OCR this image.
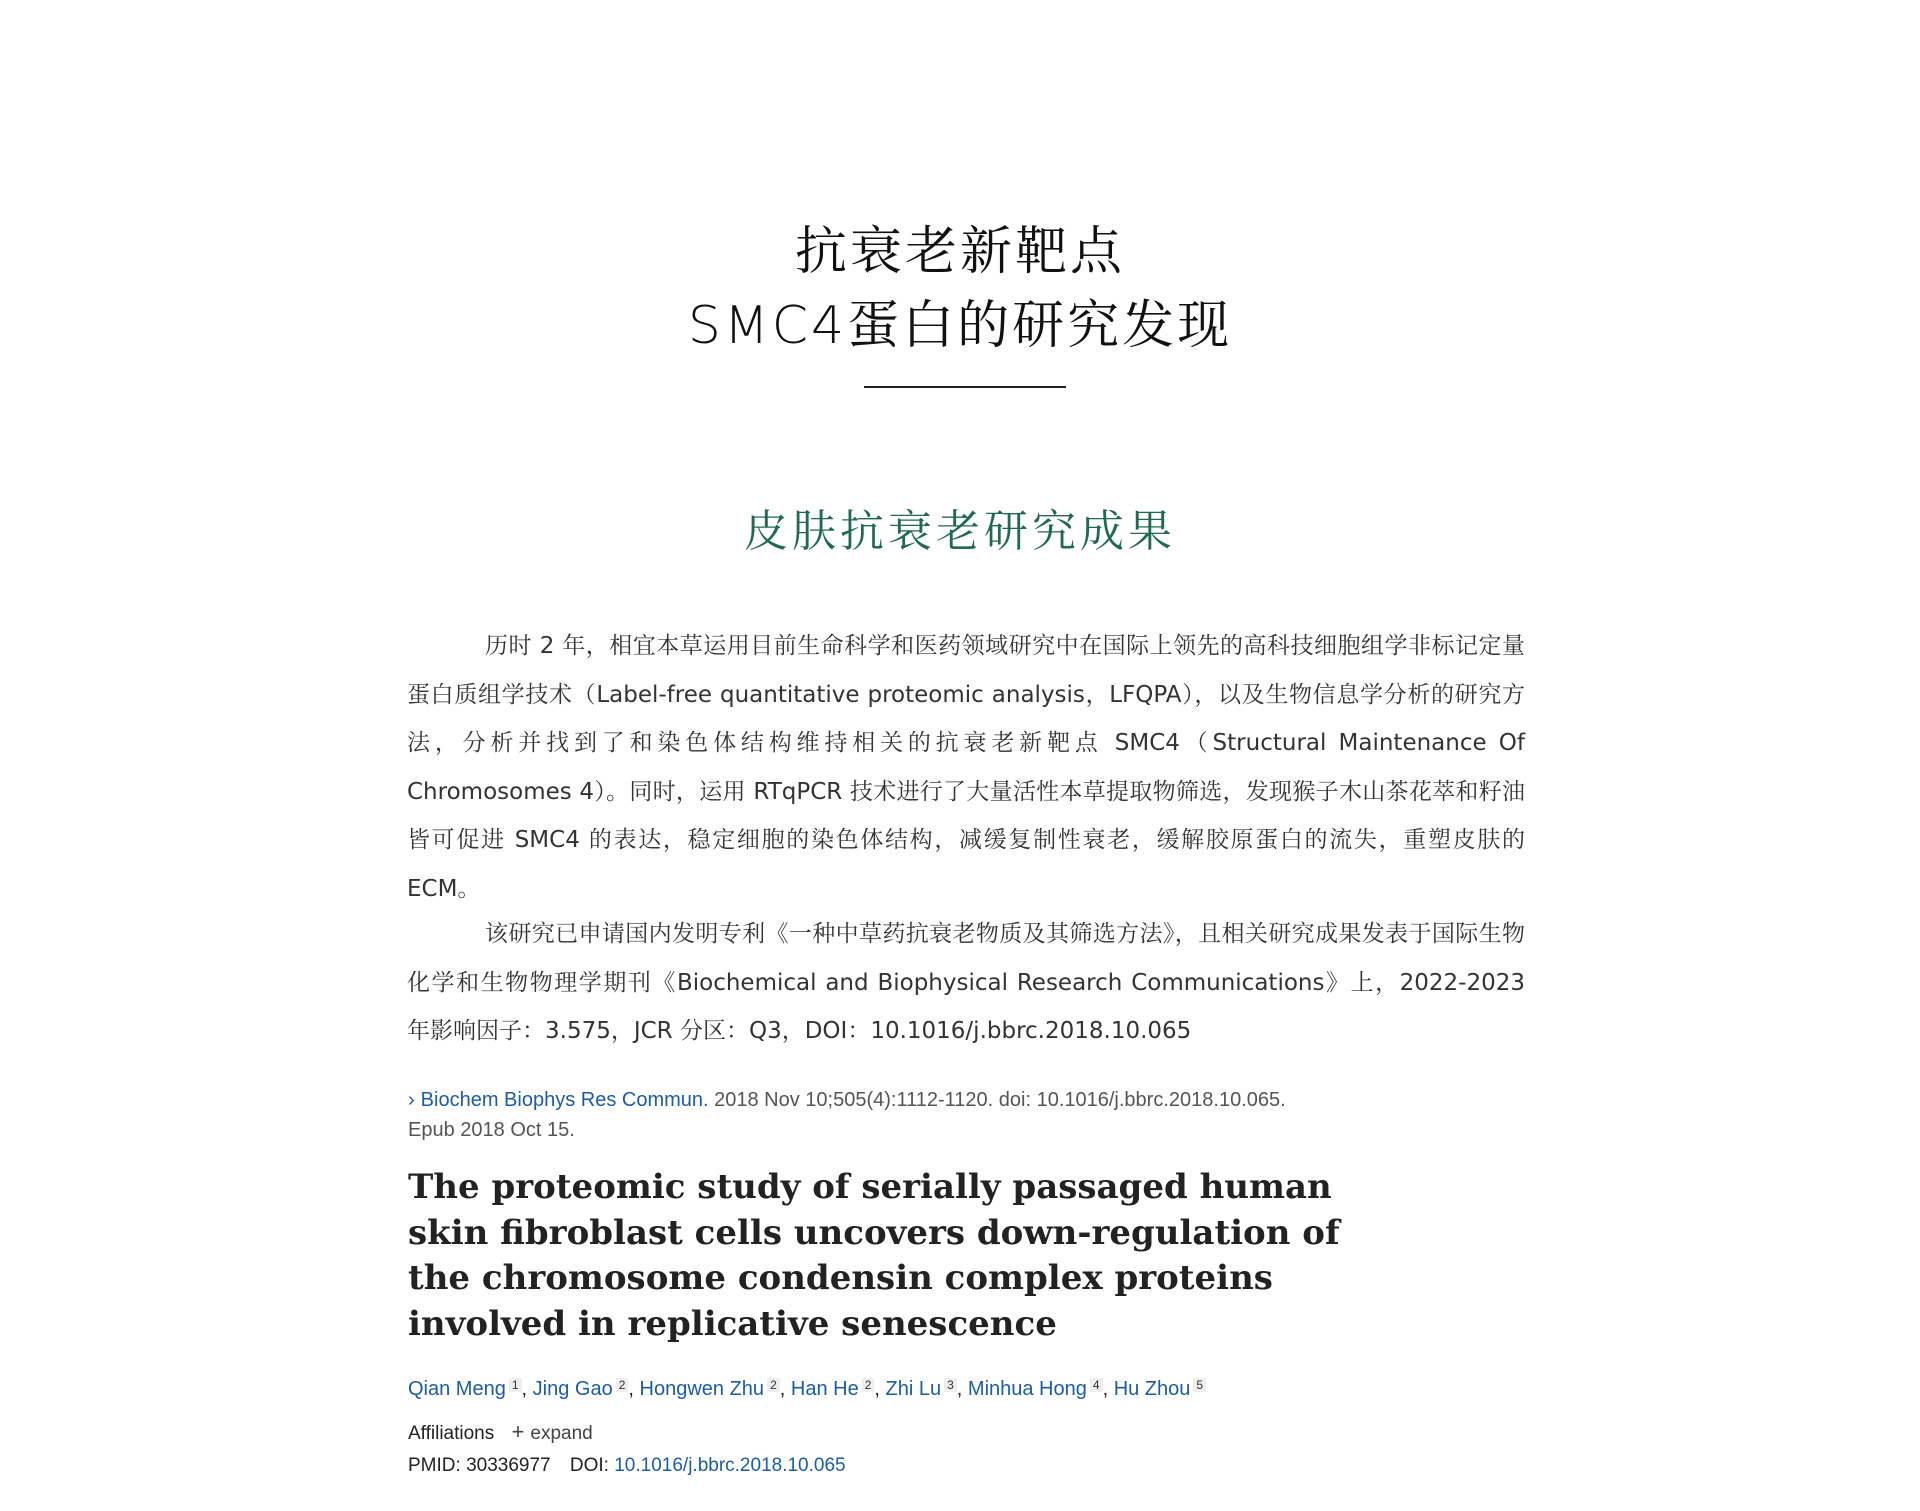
抗衰老新靶点
SMC4蛋白的研究发现
皮肤抗衰老研究成果
历时 2 年，相宜本草运用目前生命科学和医药领域研究中在国际上领先的高科技细胞组学非标记定量蛋白质组学技术（Label-free quantitative proteomic analysis，LFQPA），以及生物信息学分析的研究方法，分析并找到了和染色体结构维持相关的抗衰老新靶点 SMC4（Structural Maintenance Of Chromosomes 4）。同时，运用 RTqPCR 技术进行了大量活性本草提取物筛选，发现猴子木山茶花萃和籽油皆可促进 SMC4 的表达，稳定细胞的染色体结构，减缓复制性衰老，缓解胶原蛋白的流失，重塑皮肤的 ECM。
该研究已申请国内发明专利《一种中草药抗衰老物质及其筛选方法》，且相关研究成果发表于国际生物化学和生物物理学期刊《Biochemical and Biophysical Research Communications》上，2022-2023 年影响因子：3.575，JCR 分区：Q3，DOI：10.1016/j.bbrc.2018.10.065
› Biochem Biophys Res Commun. 2018 Nov 10;505(4):1112-1120. doi: 10.1016/j.bbrc.2018.10.065.
Epub 2018 Oct 15.
The proteomic study of serially passaged human skin fibroblast cells uncovers down-regulation of the chromosome condensin complex proteins involved in replicative senescence
Qian Meng $^1$ , Jing Gao $^2$ , Hongwen Zhu $^2$ , Han He $^2$ , Zhi Lu $^3$ , Minhua Hong $^4$ , Hu Zhou $^5$
Affiliations + expand
PMID: 30336977 DOI: 10.1016/j.bbrc.2018.10.065
